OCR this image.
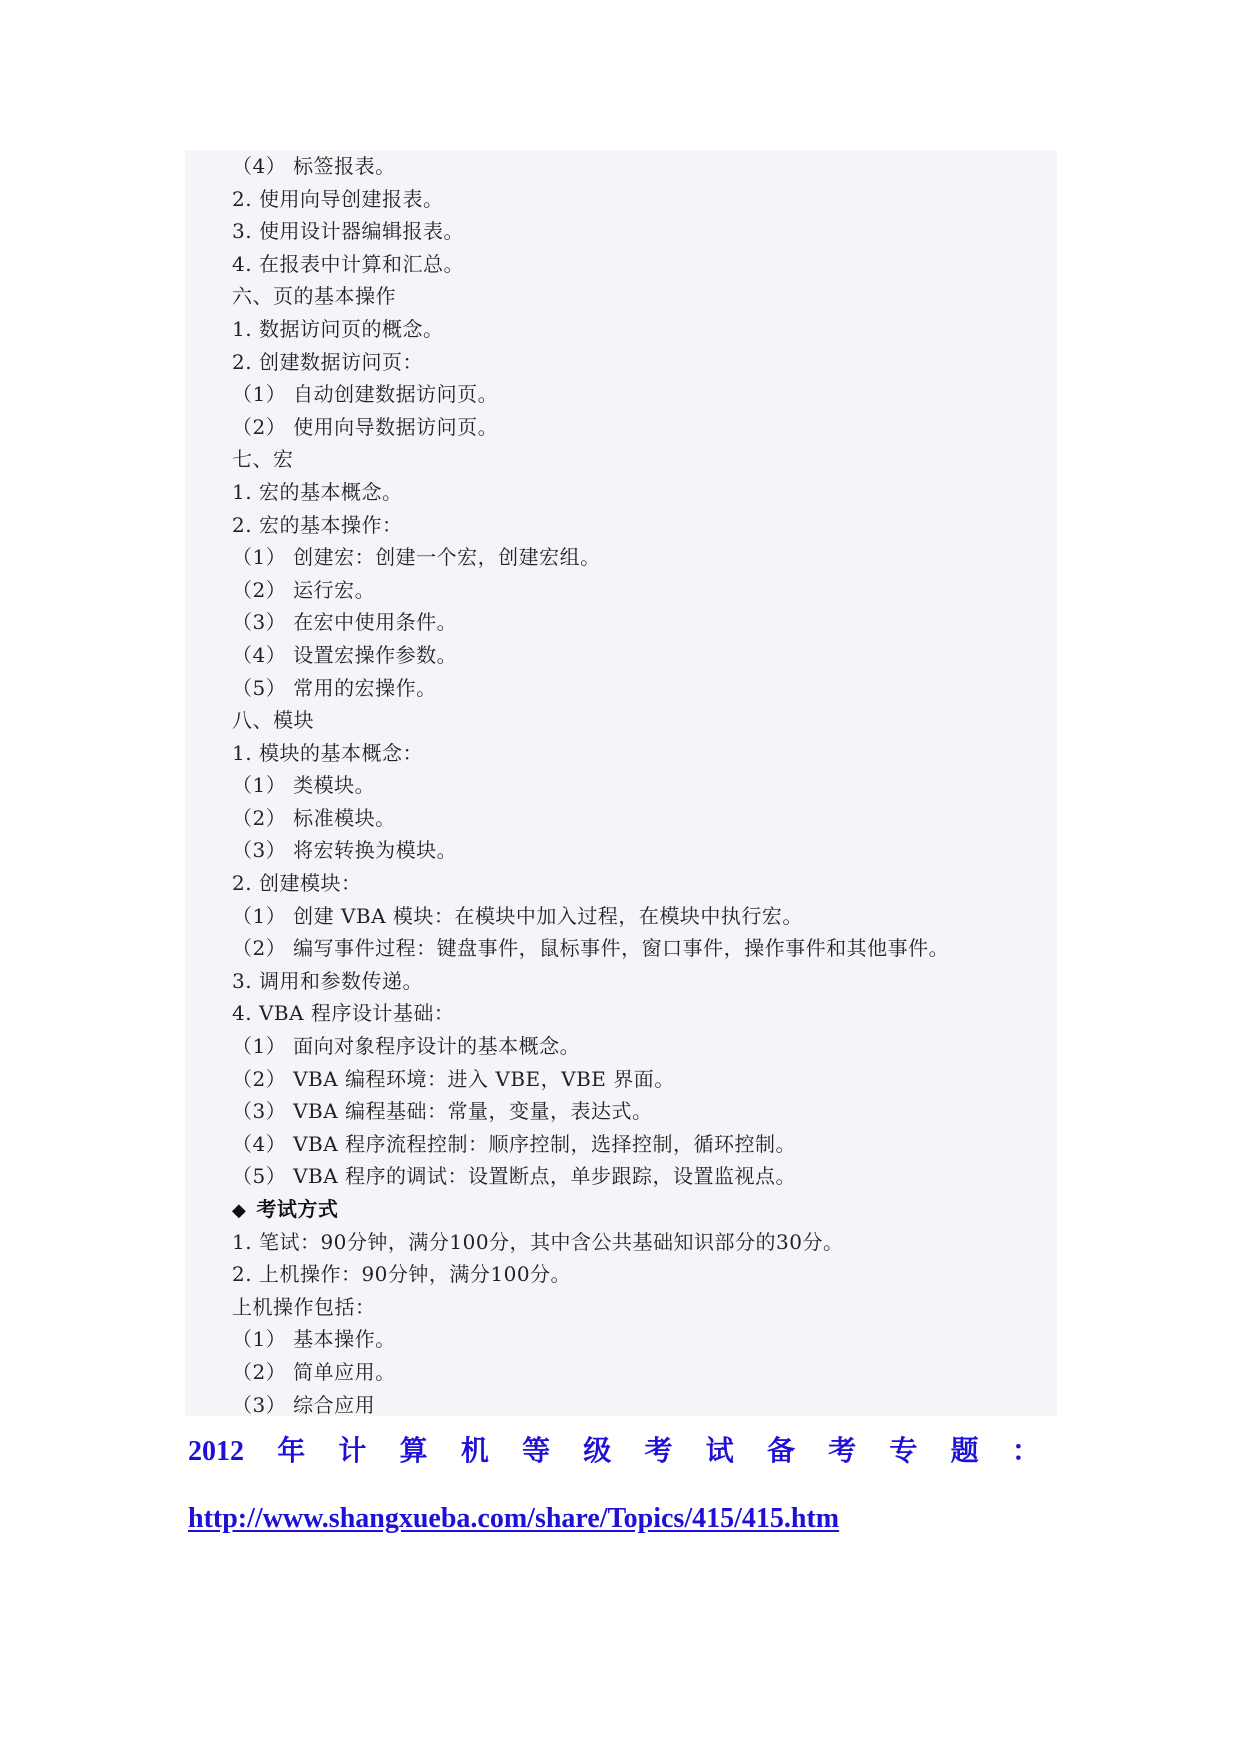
（4） 标签报表。
2. 使用向导创建报表。
3. 使用设计器编辑报表。
4. 在报表中计算和汇总。
六、页的基本操作
1. 数据访问页的概念。
2. 创建数据访问页：
（1） 自动创建数据访问页。
（2） 使用向导数据访问页。
七、宏
1. 宏的基本概念。
2. 宏的基本操作：
（1） 创建宏：创建一个宏，创建宏组。
（2） 运行宏。
（3） 在宏中使用条件。
（4） 设置宏操作参数。
（5） 常用的宏操作。
八、模块
1. 模块的基本概念：
（1） 类模块。
（2） 标准模块。
（3） 将宏转换为模块。
2. 创建模块：
（1） 创建 VBA 模块：在模块中加入过程，在模块中执行宏。
（2） 编写事件过程：键盘事件，鼠标事件，窗口事件，操作事件和其他事件。
3. 调用和参数传递。
4. VBA 程序设计基础：
（1） 面向对象程序设计的基本概念。
（2） VBA 编程环境：进入 VBE，VBE 界面。
（3） VBA 编程基础：常量，变量，表达式。
（4） VBA 程序流程控制：顺序控制，选择控制，循环控制。
（5） VBA 程序的调试：设置断点，单步跟踪，设置监视点。
◆ 考试方式
1. 笔试：90分钟，满分100分，其中含公共基础知识部分的30分。
2. 上机操作：90分钟，满分100分。
上机操作包括：
（1） 基本操作。
（2） 简单应用。
（3） 综合应用
2012 年 计 算 机 等 级 考 试 备 考 专 题 ：
http://www.shangxueba.com/share/Topics/415/415.htm
